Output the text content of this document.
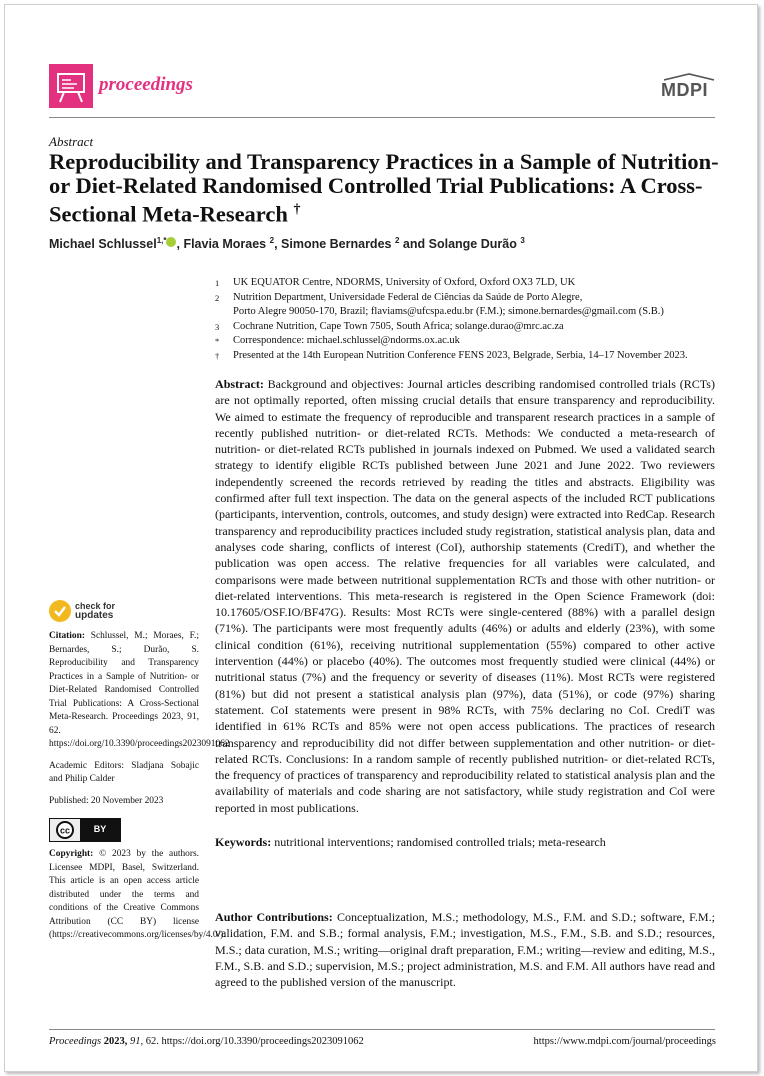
proceedings	MDPI
Abstract
Reproducibility and Transparency Practices in a Sample of Nutrition- or Diet-Related Randomised Controlled Trial Publications: A Cross-Sectional Meta-Research †
Michael Schlussel$^{1,*}$ , Flavia Moraes $^2$, Simone Bernardes $^2$ and Solange Durão $^3$
1	UK EQUATOR Centre, NDORMS, University of Oxford, Oxford OX3 7LD, UK
2	Nutrition Department, Universidade Federal de Ciências da Saúde de Porto Alegre,
Porto Alegre 90050-170, Brazil; flaviams@ufcspa.edu.br (F.M.); simone.bernardes@gmail.com (S.B.)
3	Cochrane Nutrition, Cape Town 7505, South Africa; solange.durao@mrc.ac.za
*	Correspondence: michael.schlussel@ndorms.ox.ac.uk
†	Presented at the 14th European Nutrition Conference FENS 2023, Belgrade, Serbia, 14–17 November 2023.
Abstract: Background and objectives: Journal articles describing randomised controlled trials (RCTs) are not optimally reported, often missing crucial details that ensure transparency and reproducibility. We aimed to estimate the frequency of reproducible and transparent research practices in a sample of recently published nutrition- or diet-related RCTs. Methods: We conducted a meta-research of nutrition- or diet-related RCTs published in journals indexed on Pubmed. We used a validated search strategy to identify eligible RCTs published between June 2021 and June 2022. Two reviewers independently screened the records retrieved by reading the titles and abstracts. Eligibility was confirmed after full text inspection. The data on the general aspects of the included RCT publications (participants, intervention, controls, outcomes, and study design) were extracted into RedCap. Research transparency and reproducibility practices included study registration, statistical analysis plan, data and analyses code sharing, conflicts of interest (CoI), authorship statements (CrediT), and whether the publication was open access. The relative frequencies for all variables were calculated, and comparisons were made between nutritional supplementation RCTs and those with other nutrition- or diet-related interventions. This meta-research is registered in the Open Science Framework (doi: 10.17605/OSF.IO/BF47G). Results: Most RCTs were single-centered (88%) with a parallel design (71%). The participants were most frequently adults (46%) or adults and elderly (23%), with some clinical condition (61%), receiving nutritional supplementation (55%) compared to other active intervention (44%) or placebo (40%). The outcomes most frequently studied were clinical (44%) or nutritional status (7%) and the frequency or severity of diseases (11%). Most RCTs were registered (81%) but did not present a statistical analysis plan (97%), data (51%), or code (97%) sharing statement. CoI statements were present in 98% RCTs, with 75% declaring no CoI. CrediT was identified in 61% RCTs and 85% were not open access publications. The practices of research transparency and reproducibility did not differ between supplementation and other nutrition- or diet-related RCTs. Conclusions: In a random sample of recently published nutrition- or diet-related RCTs, the frequency of practices of transparency and reproducibility related to statistical analysis plan and the availability of materials and code sharing are not satisfactory, while study registration and CoI were reported in most publications.
Keywords: nutritional interventions; randomised controlled trials; meta-research
Author Contributions: Conceptualization, M.S.; methodology, M.S., F.M. and S.D.; software, F.M.; validation, F.M. and S.B.; formal analysis, F.M.; investigation, M.S., F.M., S.B. and S.D.; resources, M.S.; data curation, M.S.; writing—original draft preparation, F.M.; writing—review and editing, M.S., F.M., S.B. and S.D.; supervision, M.S.; project administration, M.S. and F.M. All authors have read and agreed to the published version of the manuscript.
check for
updates
Citation: Schlussel, M.; Moraes, F.; Bernardes, S.; Durão, S. Reproducibility and Transparency Practices in a Sample of Nutrition- or Diet-Related Randomised Controlled Trial Publications: A Cross-Sectional Meta-Research. Proceedings 2023, 91, 62. https://doi.org/10.3390/proceedings2023091062
Academic Editors: Sladjana Sobajic and Philip Calder
Published: 20 November 2023
cc	BY
Copyright: © 2023 by the authors. Licensee MDPI, Basel, Switzerland. This article is an open access article distributed under the terms and conditions of the Creative Commons Attribution (CC BY) license (https://creativecommons.org/licenses/by/4.0/).
Proceedings 2023, 91, 62. https://doi.org/10.3390/proceedings2023091062	https://www.mdpi.com/journal/proceedings
